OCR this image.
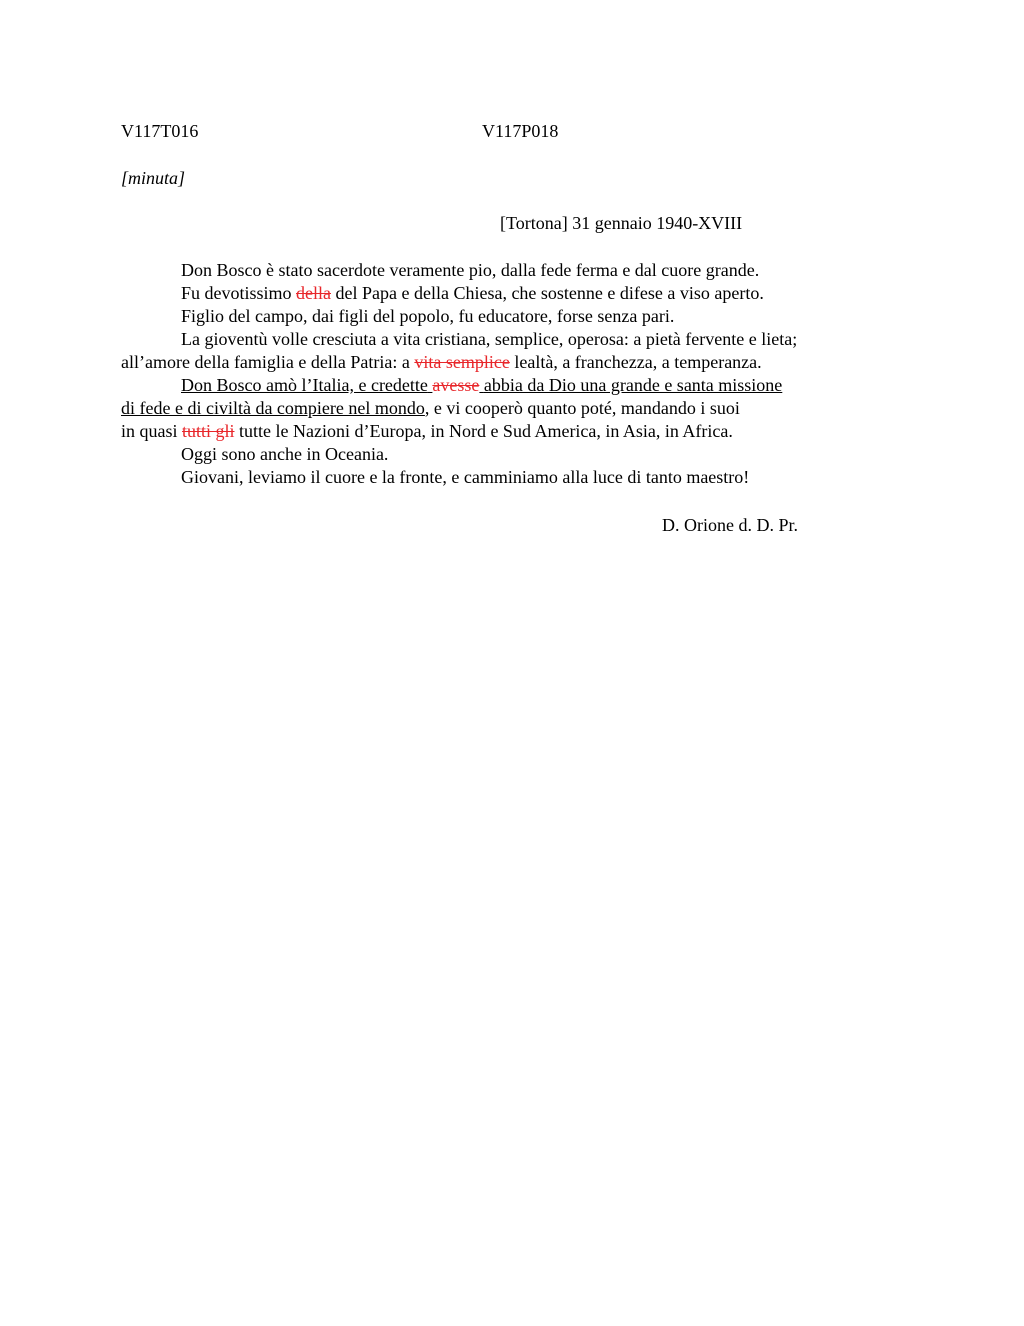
V117T016	V117P018
[minuta]
[Tortona] 31 gennaio 1940-XVIII
Don Bosco è stato sacerdote veramente pio, dalla fede ferma e dal cuore grande.
Fu devotissimo della del Papa e della Chiesa, che sostenne e difese a viso aperto.
Figlio del campo, dai figli del popolo, fu educatore, forse senza pari.
La gioventù volle cresciuta a vita cristiana, semplice, operosa: a pietà fervente e lieta;
all’amore della famiglia e della Patria: a vita semplice lealtà, a franchezza, a temperanza.
Don Bosco amò l’Italia, e credette avesse abbia da Dio una grande e santa missione
di fede e di civiltà da compiere nel mondo, e vi cooperò quanto poté, mandando i suoi
in quasi tutti gli tutte le Nazioni d’Europa, in Nord e Sud America, in Asia, in Africa.
Oggi sono anche in Oceania.
Giovani, leviamo il cuore e la fronte, e camminiamo alla luce di tanto maestro!
D. Orione d. D. Pr.
